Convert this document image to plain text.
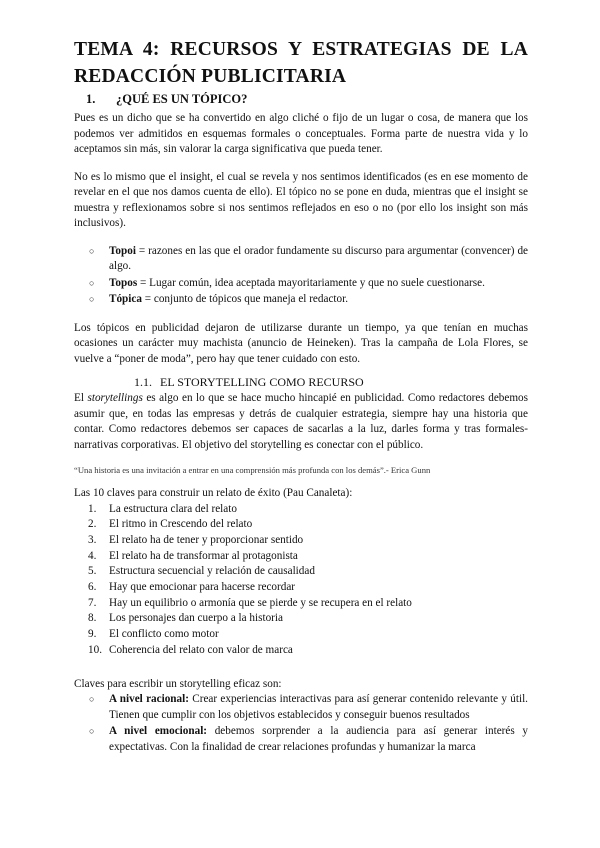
TEMA 4: RECURSOS Y ESTRATEGIAS DE LA REDACCIÓN PUBLICITARIA
1. ¿QUÉ ES UN TÓPICO?

Pues es un dicho que se ha convertido en algo cliché o fijo de un lugar o cosa, de manera que los podemos ver admitidos en esquemas formales o conceptuales. Forma parte de nuestra vida y lo aceptamos sin más, sin valorar la carga significativa que pueda tener.

No es lo mismo que el insight, el cual se revela y nos sentimos identificados (es en ese momento de revelar en el que nos damos cuenta de ello). El tópico no se pone en duda, mientras que el insight se muestra y reflexionamos sobre si nos sentimos reflejados en eso o no (por ello los insight son más inclusivos).

○ Topoi = razones en las que el orador fundamente su discurso para argumentar (convencer) de algo.
○ Topos = Lugar común, idea aceptada mayoritariamente y que no suele cuestionarse.
○ Tópica = conjunto de tópicos que maneja el redactor.

Los tópicos en publicidad dejaron de utilizarse durante un tiempo, ya que tenían en muchas ocasiones un carácter muy machista (anuncio de Heineken). Tras la campaña de Lola Flores, se vuelve a “poner de moda”, pero hay que tener cuidado con esto.

1.1. EL STORYTELLING COMO RECURSO

El storytellings es algo en lo que se hace mucho hincapié en publicidad. Como redactores debemos asumir que, en todas las empresas y detrás de cualquier estrategia, siempre hay una historia que contar. Como redactores debemos ser capaces de sacarlas a la luz, darles forma y tras formales- narrativas corporativas. El objetivo del storytelling es conectar con el público.

“Una historia es una invitación a entrar en una comprensión más profunda con los demás”.- Erica Gunn

Las 10 claves para construir un relato de éxito (Pau Canaleta):

1.	La estructura clara del relato
2.	El ritmo in Crescendo del relato
3.	El relato ha de tener y proporcionar sentido
4.	El relato ha de transformar al protagonista
5.	Estructura secuencial y relación de causalidad
6.	Hay que emocionar para hacerse recordar
7.	Hay un equilibrio o armonía que se pierde y se recupera en el relato
8.	Los personajes dan cuerpo a la historia
9.	El conflicto como motor
10. Coherencia del relato con valor de marca

Claves para escribir un storytelling eficaz son:

○ A nivel racional: Crear experiencias interactivas para así generar contenido relevante y útil. Tienen que cumplir con los objetivos establecidos y conseguir buenos resultados
○ A nivel emocional: debemos sorprender a la audiencia para así generar interés y expectativas. Con la finalidad de crear relaciones profundas y humanizar la marca
